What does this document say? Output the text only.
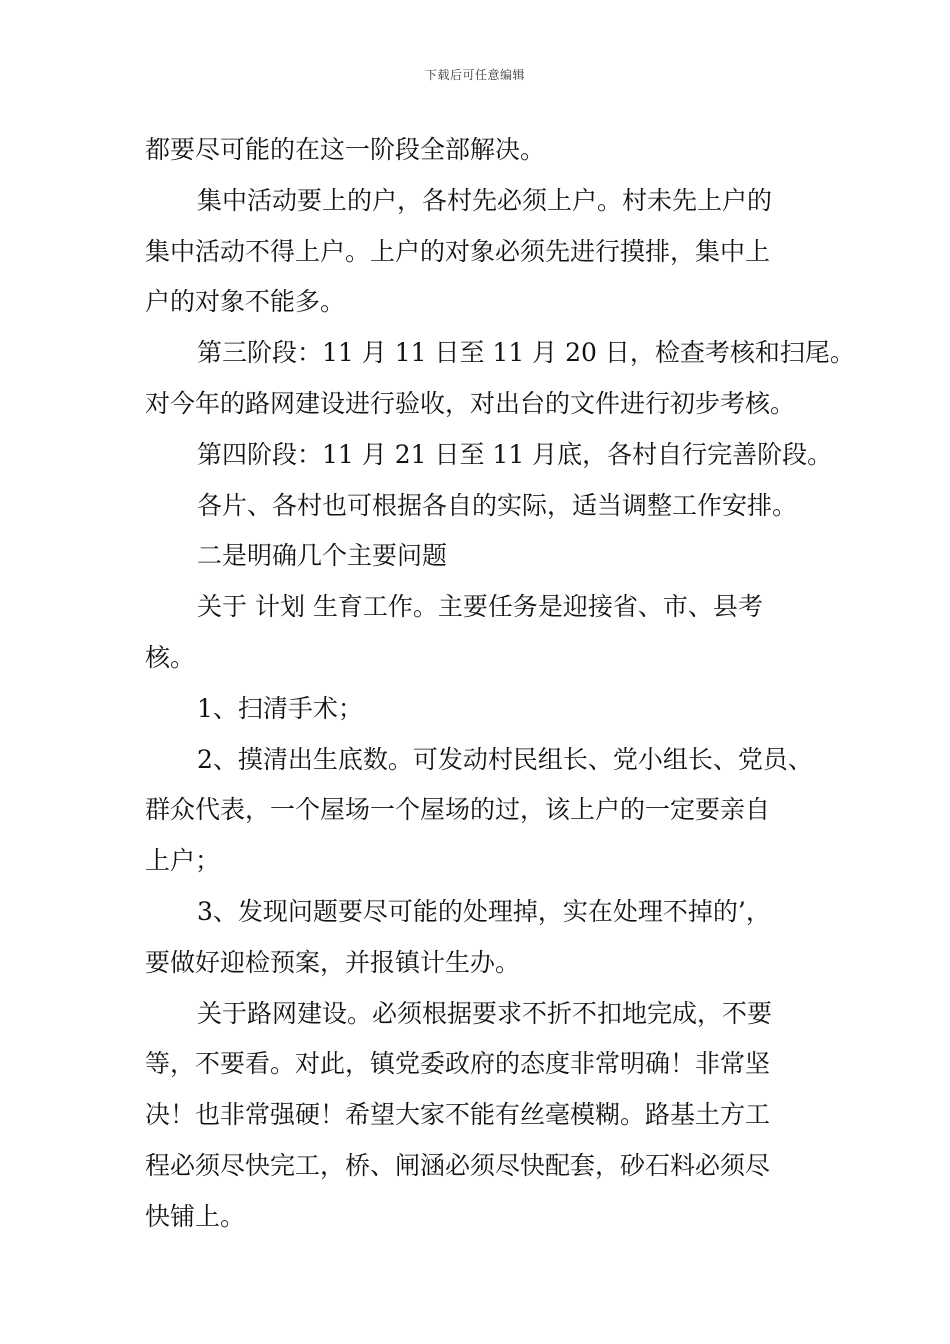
下载后可任意编辑
都要尽可能的在这一阶段全部解决。
集中活动要上的户，各村先必须上户。村未先上户的
集中活动不得上户。上户的对象必须先进行摸排，集中上
户的对象不能多。
第三阶段：11 月 11 日至 11 月 20 日，检查考核和扫尾。
对今年的路网建设进行验收，对出台的文件进行初步考核。
第四阶段：11 月 21 日至 11 月底，各村自行完善阶段。
各片、各村也可根据各自的实际，适当调整工作安排。
二是明确几个主要问题
关于 计划 生育工作。主要任务是迎接省、市、县考
核。
1、扫清手术；
2、摸清出生底数。可发动村民组长、党小组长、党员、
群众代表，一个屋场一个屋场的过，该上户的一定要亲自
上户；
3、发现问题要尽可能的处理掉，实在处理不掉的’，
要做好迎检预案，并报镇计生办。
关于路网建设。必须根据要求不折不扣地完成，不要
等，不要看。对此，镇党委政府的态度非常明确！非常坚
决！也非常强硬！希望大家不能有丝毫模糊。路基土方工
程必须尽快完工，桥、闸涵必须尽快配套，砂石料必须尽
快铺上。
